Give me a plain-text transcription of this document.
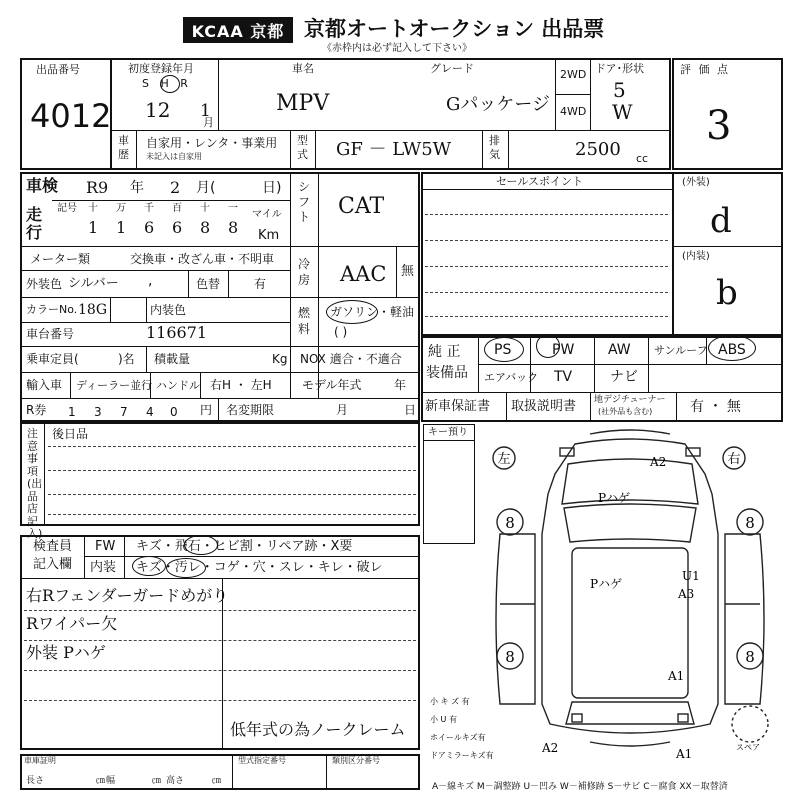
KCAA 京都 京都オートオークション 出品票
《赤枠内は必ず記入して下さい》
出品番号
4012
初度登録年月
S H R
12 1
月
車名
MPV
グレード
Gパッケージ
2WD
4WD
ドア･形状
5
W
評 価 点
3
車歴
自家用・レンタ・事業用
未記入は自家用
型式 GF － LW5W	排気	2500 cc
車検 R9 年 2 月(	日)
走行
記号 十 万 千 百 十 一
1 1 6 6 8 8
マイル
Km
メーター類	交換車・改ざん車・不明車
外装色 シルバー ,	色替	有
カラーNo. 18G	内装色
車台番号	116671
乗車定員(	)名 積載量	Kg
輸入車 ディーラー並行 ハンドル 右H ・ 左H
R券 1 3 7 4 0 円 名変期限	月	日
シフト CAT
冷房 AAC 無
燃料
ガソリン・軽油
( )
NOX 適合・不適合
モデル年式	年
セールスポイント	(外装)
d
(内装)
b
純 正
装備品
PS	PW AW サンルーフ ABS
エアバック TV	ナビ
新車保証書 取扱説明書 地デジチューナー
(社外品も含む)	有 ・ 無
注意事項(出品店記入)
後日品
検査員
記入欄
FW キズ・飛石・ヒビ割・リペア跡・X要
内装 キズ・汚レ・コゲ・穴・スレ・キレ・破レ
右Rフェンダーガードめがり
Rワイパー欠
外装 Pハゲ
低年式の為ノークレーム
車庫証明
長さ	㎝ 幅	㎝ 高さ	㎝
型式指定番号	類別区分番号
キー預り
左	右
8	8
8	8
A2
Pハゲ
Pハゲ
U1
A3
A1
A2	A1
小 キ ズ 有
小 U 有
ホイールキズ有
ドアミラーキズ有
スペア
A－線キズ M－調整跡 U－凹み W－補修跡 S－サビ C－腐食 XX－取替済
